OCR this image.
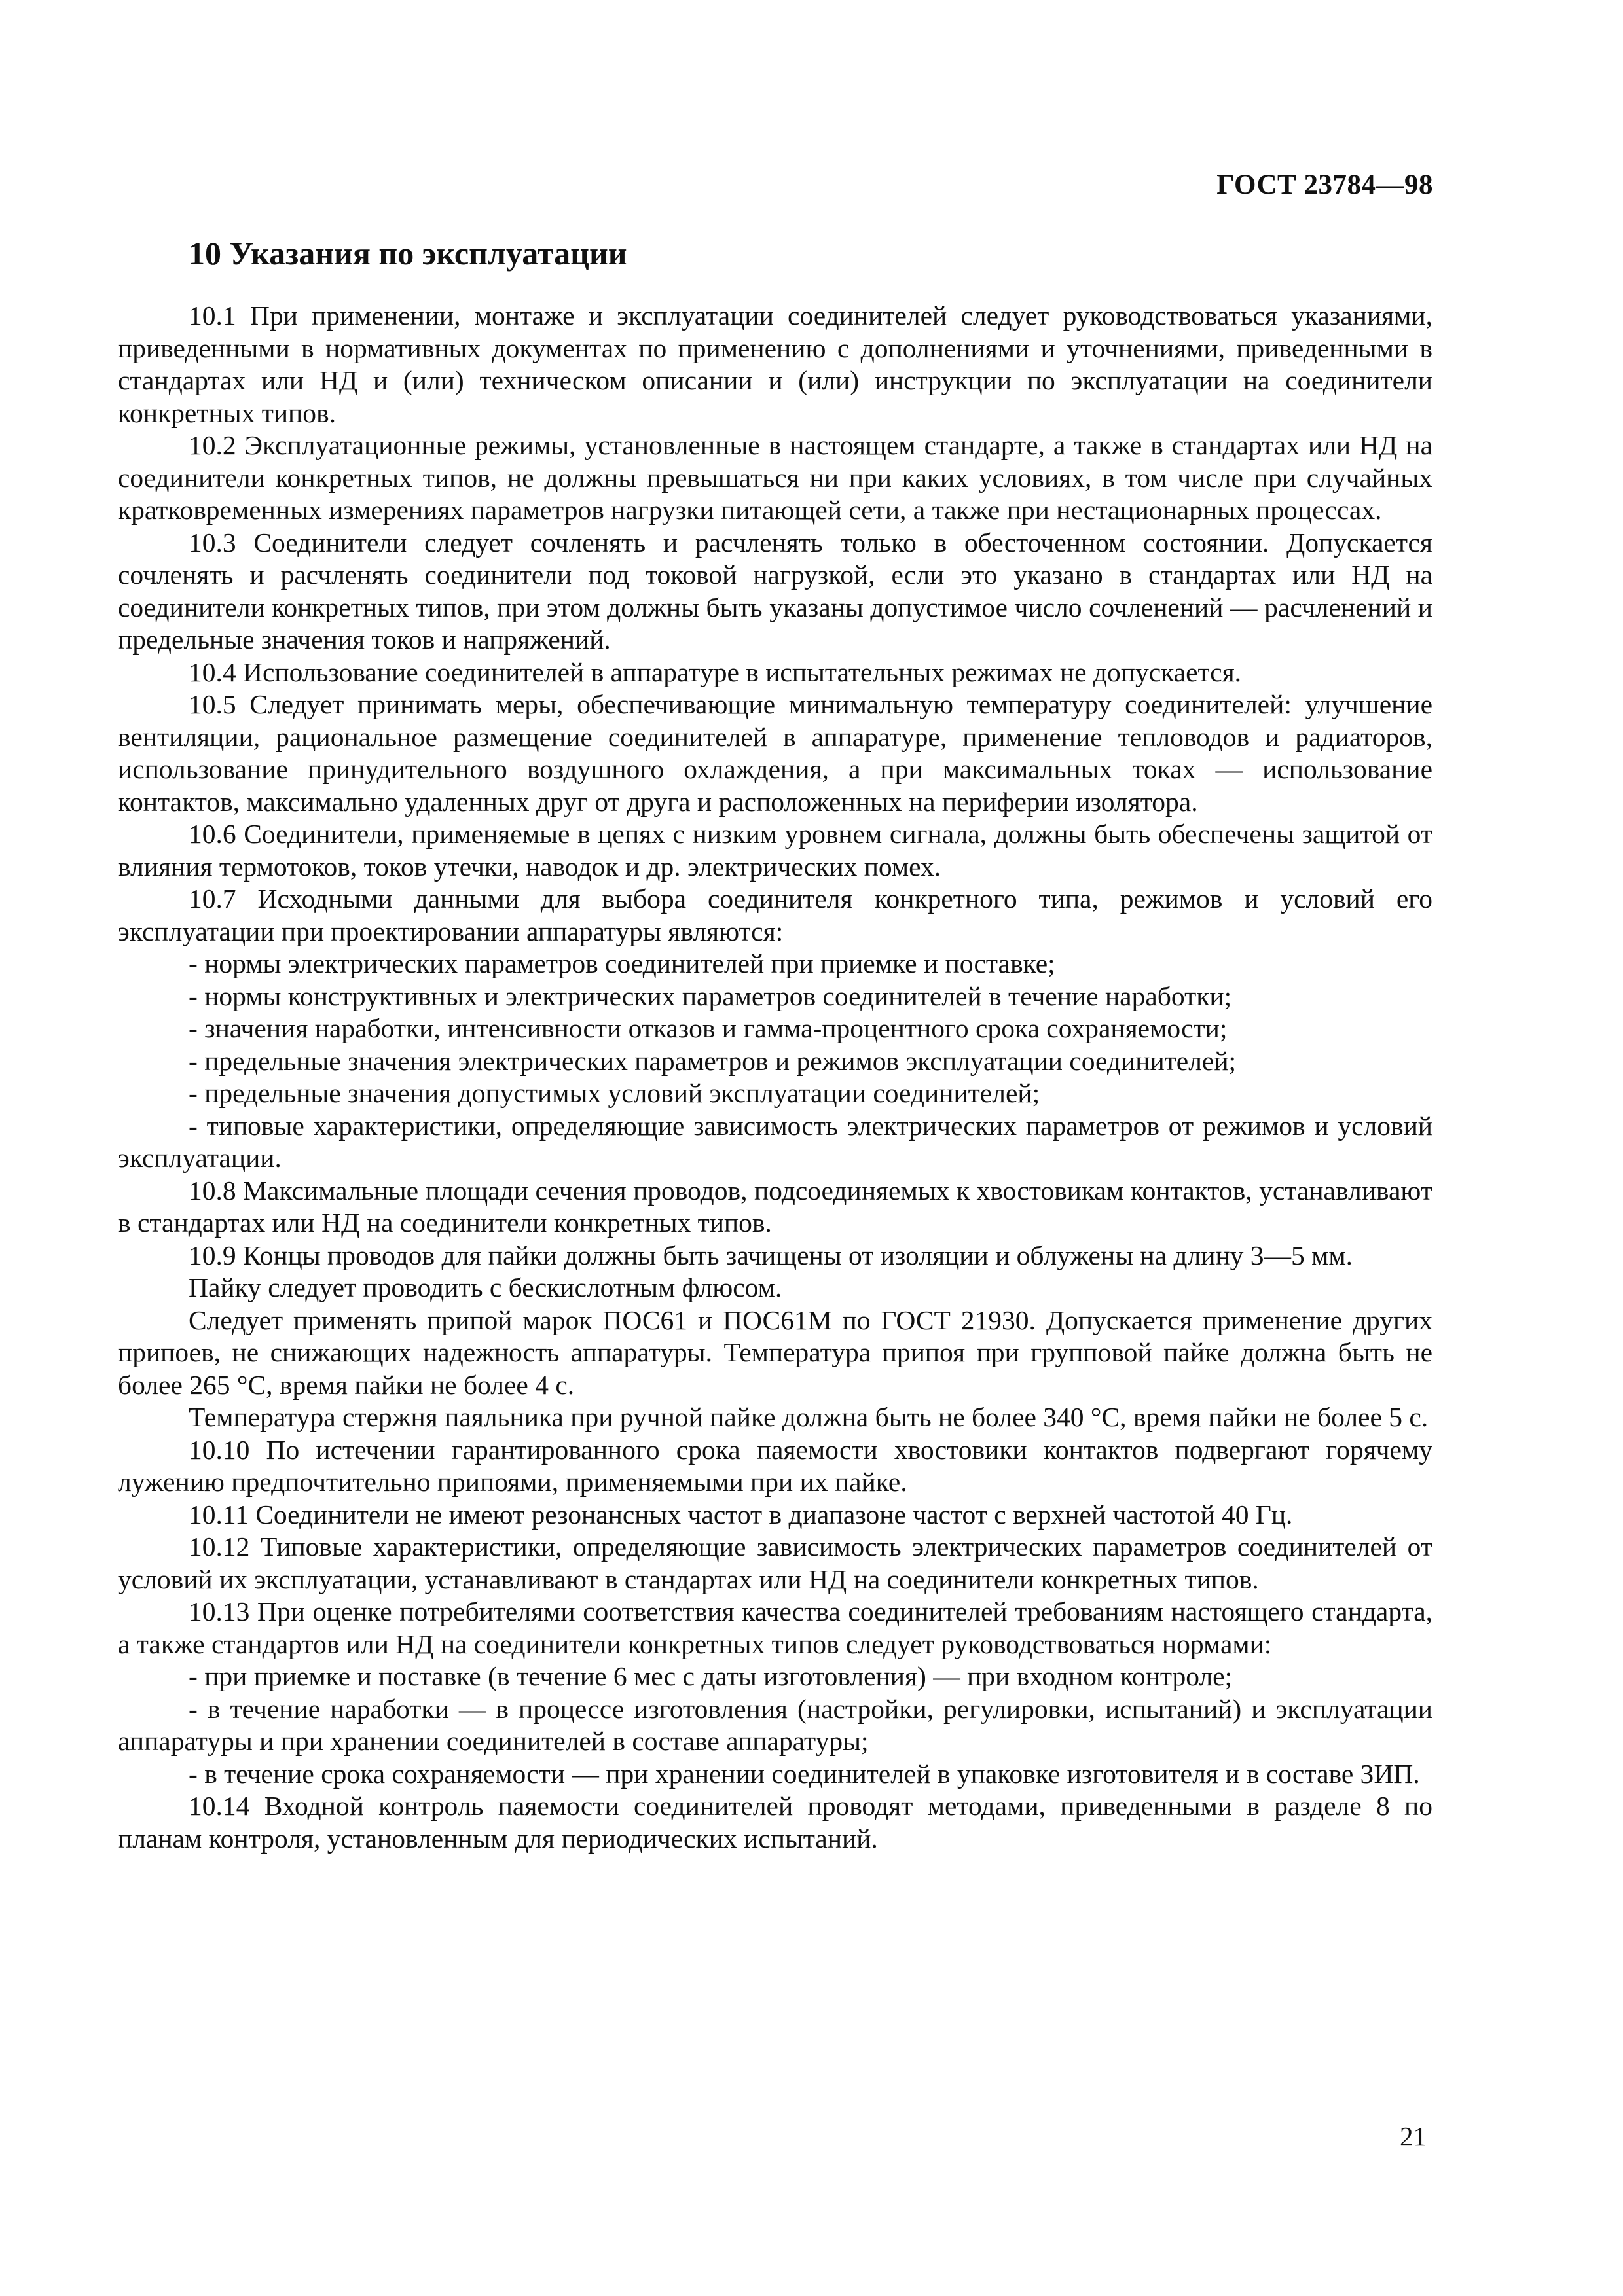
ГОСТ 23784—98
10 Указания по эксплуатации

10.1 При применении, монтаже и эксплуатации соединителей следует руководствоваться указаниями, приведенными в нормативных документах по применению с дополнениями и уточнениями, приведенными в стандартах или НД и (или) техническом описании и (или) инструкции по эксплуатации на соединители конкретных типов.

10.2 Эксплуатационные режимы, установленные в настоящем стандарте, а также в стандартах или НД на соединители конкретных типов, не должны превышаться ни при каких условиях, в том числе при случайных кратковременных измерениях параметров нагрузки питающей сети, а также при нестационарных процессах.

10.3 Соединители следует сочленять и расчленять только в обесточенном состоянии. Допускается сочленять и расчленять соединители под токовой нагрузкой, если это указано в стандартах или НД на соединители конкретных типов, при этом должны быть указаны допустимое число сочленений — расчленений и предельные значения токов и напряжений.

10.4 Использование соединителей в аппаратуре в испытательных режимах не допускается.

10.5 Следует принимать меры, обеспечивающие минимальную температуру соединителей: улучшение вентиляции, рациональное размещение соединителей в аппаратуре, применение тепловодов и радиаторов, использование принудительного воздушного охлаждения, а при максимальных токах — использование контактов, максимально удаленных друг от друга и расположенных на периферии изолятора.

10.6 Соединители, применяемые в цепях с низким уровнем сигнала, должны быть обеспечены защитой от влияния термотоков, токов утечки, наводок и др. электрических помех.

10.7 Исходными данными для выбора соединителя конкретного типа, режимов и условий его эксплуатации при проектировании аппаратуры являются:

- нормы электрических параметров соединителей при приемке и поставке;

- нормы конструктивных и электрических параметров соединителей в течение наработки;

- значения наработки, интенсивности отказов и гамма-процентного срока сохраняемости;

- предельные значения электрических параметров и режимов эксплуатации соединителей;

- предельные значения допустимых условий эксплуатации соединителей;

- типовые характеристики, определяющие зависимость электрических параметров от режимов и условий эксплуатации.

10.8 Максимальные площади сечения проводов, подсоединяемых к хвостовикам контактов, устанавливают в стандартах или НД на соединители конкретных типов.

10.9 Концы проводов для пайки должны быть зачищены от изоляции и облужены на длину 3—5 мм.

Пайку следует проводить с бескислотным флюсом.

Следует применять припой марок ПОС61 и ПОС61М по ГОСТ 21930. Допускается применение других припоев, не снижающих надежность аппаратуры. Температура припоя при групповой пайке должна быть не более 265 °С, время пайки не более 4 с.

Температура стержня паяльника при ручной пайке должна быть не более 340 °С, время пайки не более 5 с.

10.10 По истечении гарантированного срока паяемости хвостовики контактов подвергают горячему лужению предпочтительно припоями, применяемыми при их пайке.

10.11 Соединители не имеют резонансных частот в диапазоне частот с верхней частотой 40 Гц.

10.12 Типовые характеристики, определяющие зависимость электрических параметров соединителей от условий их эксплуатации, устанавливают в стандартах или НД на соединители конкретных типов.

10.13 При оценке потребителями соответствия качества соединителей требованиям настоящего стандарта, а также стандартов или НД на соединители конкретных типов следует руководствоваться нормами:

- при приемке и поставке (в течение 6 мес с даты изготовления) — при входном контроле;

- в течение наработки — в процессе изготовления (настройки, регулировки, испытаний) и эксплуатации аппаратуры и при хранении соединителей в составе аппаратуры;

- в течение срока сохраняемости — при хранении соединителей в упаковке изготовителя и в составе ЗИП.

10.14 Входной контроль паяемости соединителей проводят методами, приведенными в разделе 8 по планам контроля, установленным для периодических испытаний.

21
